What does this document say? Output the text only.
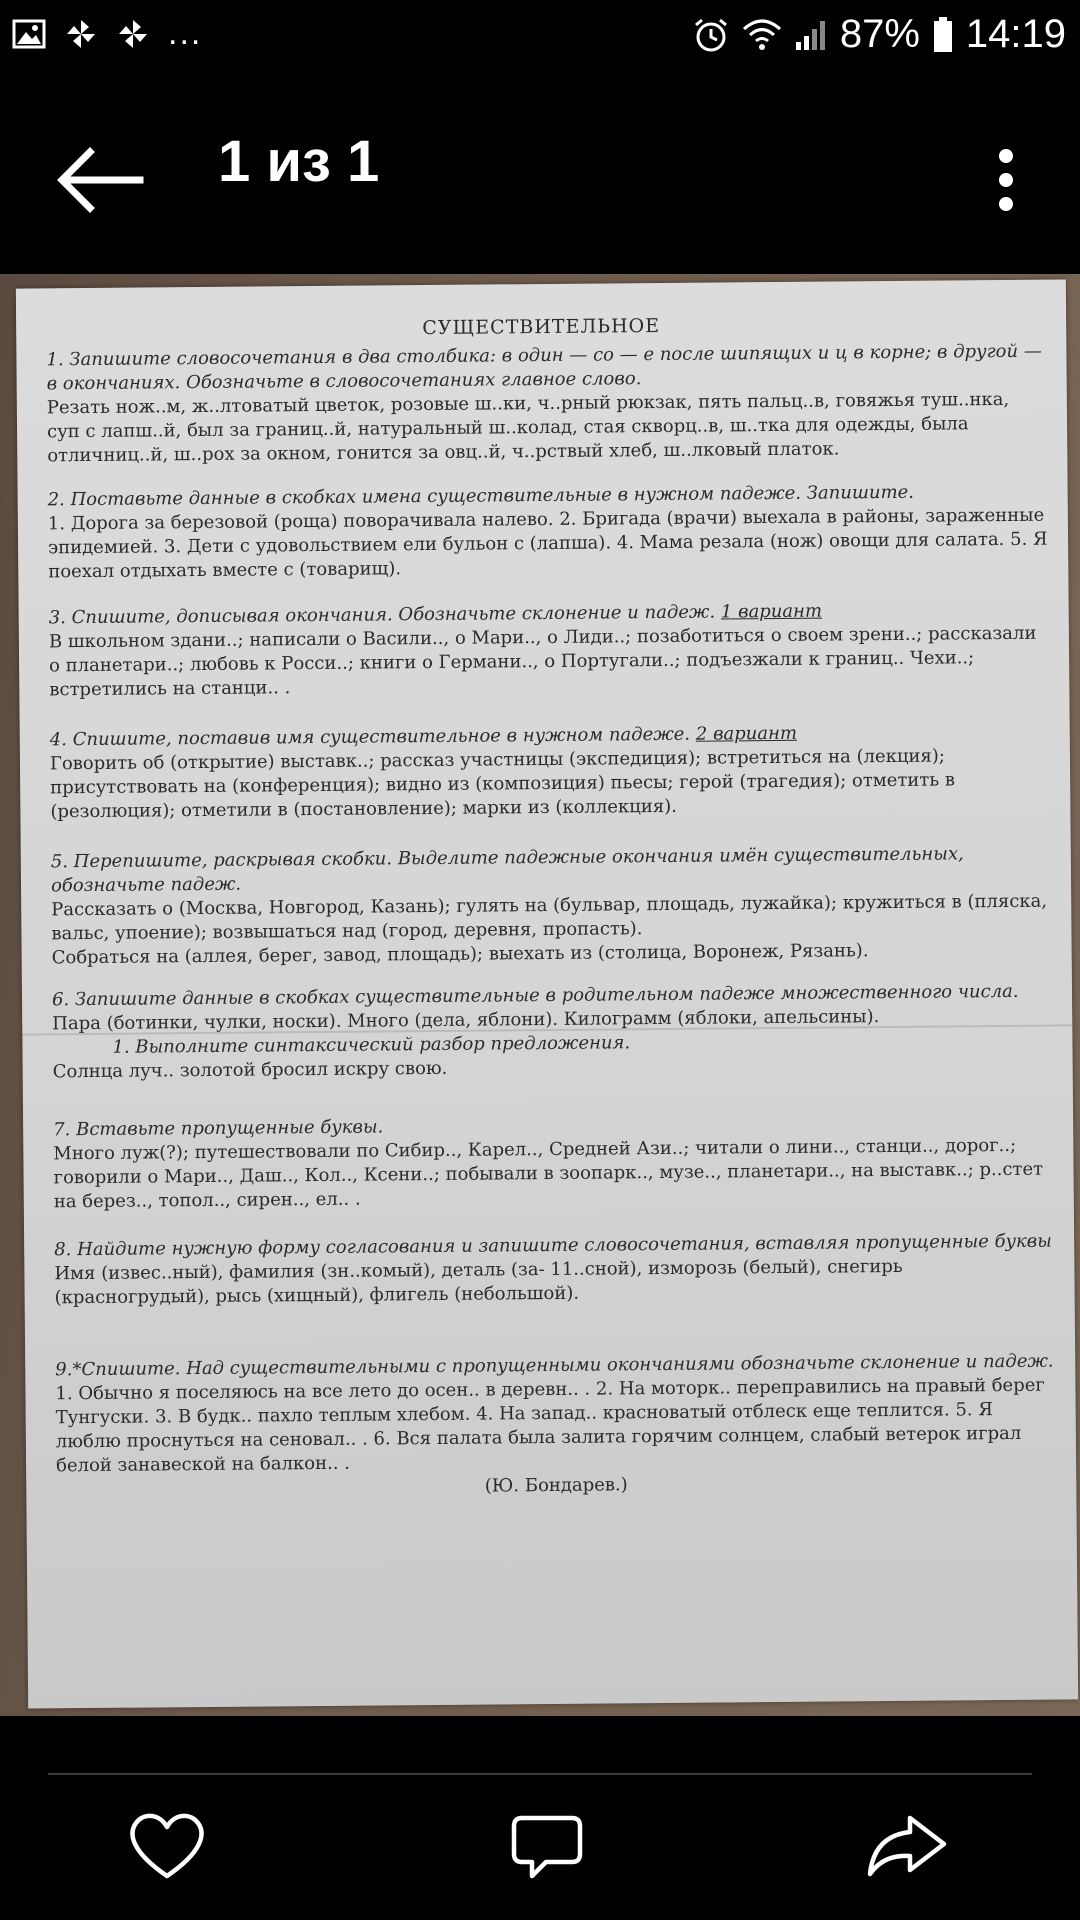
...	87% 14:19
1 из 1
СУЩЕСТВИТЕЛЬНОЕ
1. Запишите словосочетания в два столбика: в один — со — е после шипящих и ц в корне; в другой — в окончаниях. Обозначьте в словосочетаниях главное слово.
Резать нож..м, ж..лтоватый цветок, розовые ш..ки, ч..рный рюкзак, пять пальц..в, говяжья туш..нка, суп с лапш..й, был за границ..й, натуральный ш..колад, стая скворц..в, ш..тка для одежды, была отличниц..й, ш..рох за окном, гонится за овц..й, ч..рствый хлеб, ш..лковый платок.
2. Поставьте данные в скобках имена существительные в нужном падеже. Запишите.
1. Дорога за березовой (роща) поворачивала налево. 2. Бригада (врачи) выехала в районы, зараженные эпидемией. 3. Дети с удовольствием ели бульон с (лапша). 4. Мама резала (нож) овощи для салата. 5. Я поехал отдыхать вместе с (товарищ).
3. Спишите, дописывая окончания. Обозначьте склонение и падеж. 1 вариант
В школьном здани..; написали о Васили.., о Мари.., о Лиди..; позаботиться о своем зрени..; рассказали о планетари..; любовь к Росси..; книги о Германи.., о Португали..; подъезжали к границ.. Чехи..; встретились на станци.. .
4. Спишите, поставив имя существительное в нужном падеже. 2 вариант
Говорить об (открытие) выставк..; рассказ участницы (экспедиция); встретиться на (лекция); присутствовать на (конференция); видно из (композиция) пьесы; герой (трагедия); отметить в (резолюция); отметили в (постановление); марки из (коллекция).
5. Перепишите, раскрывая скобки. Выделите падежные окончания имён существительных, обозначьте падеж.
Рассказать о (Москва, Новгород, Казань); гулять на (бульвар, площадь, лужайка); кружиться в (пляска, вальс, упоение); возвышаться над (город, деревня, пропасть).
Собраться на (аллея, берег, завод, площадь); выехать из (столица, Воронеж, Рязань).
6. Запишите данные в скобках существительные в родительном падеже множественного числа.
Пара (ботинки, чулки, носки). Много (дела, яблони). Килограмм (яблоки, апельсины).
1. Выполните синтаксический разбор предложения.
Солнца луч.. золотой бросил искру свою.
7. Вставьте пропущенные буквы.
Много луж(?); путешествовали по Сибир.., Карел.., Средней Ази..; читали о лини.., станци.., дорог..; говорили о Мари.., Даш.., Кол.., Ксени..; побывали в зоопарк.., музе.., планетари.., на выставк..; р..стет на берез.., топол.., сирен.., ел.. .
8. Найдите нужную форму согласования и запишите словосочетания, вставляя пропущенные буквы
Имя (извес..ный), фамилия (зн..комый), деталь (за- 11..сной), изморозь (белый), снегирь (красногрудый), рысь (хищный), флигель (небольшой).
9.*Спишите. Над существительными с пропущенными окончаниями обозначьте склонение и падеж.
1. Обычно я поселяюсь на все лето до осен.. в деревн.. . 2. На моторк.. переправились на правый берег Тунгуски. 3. В будк.. пахло теплым хлебом. 4. На запад.. красноватый отблеск еще теплится. 5. Я люблю проснуться на сеновал.. . 6. Вся палата была залита горячим солнцем, слабый ветерок играл белой занавеской на балкон.. .
(Ю. Бондарев.)
